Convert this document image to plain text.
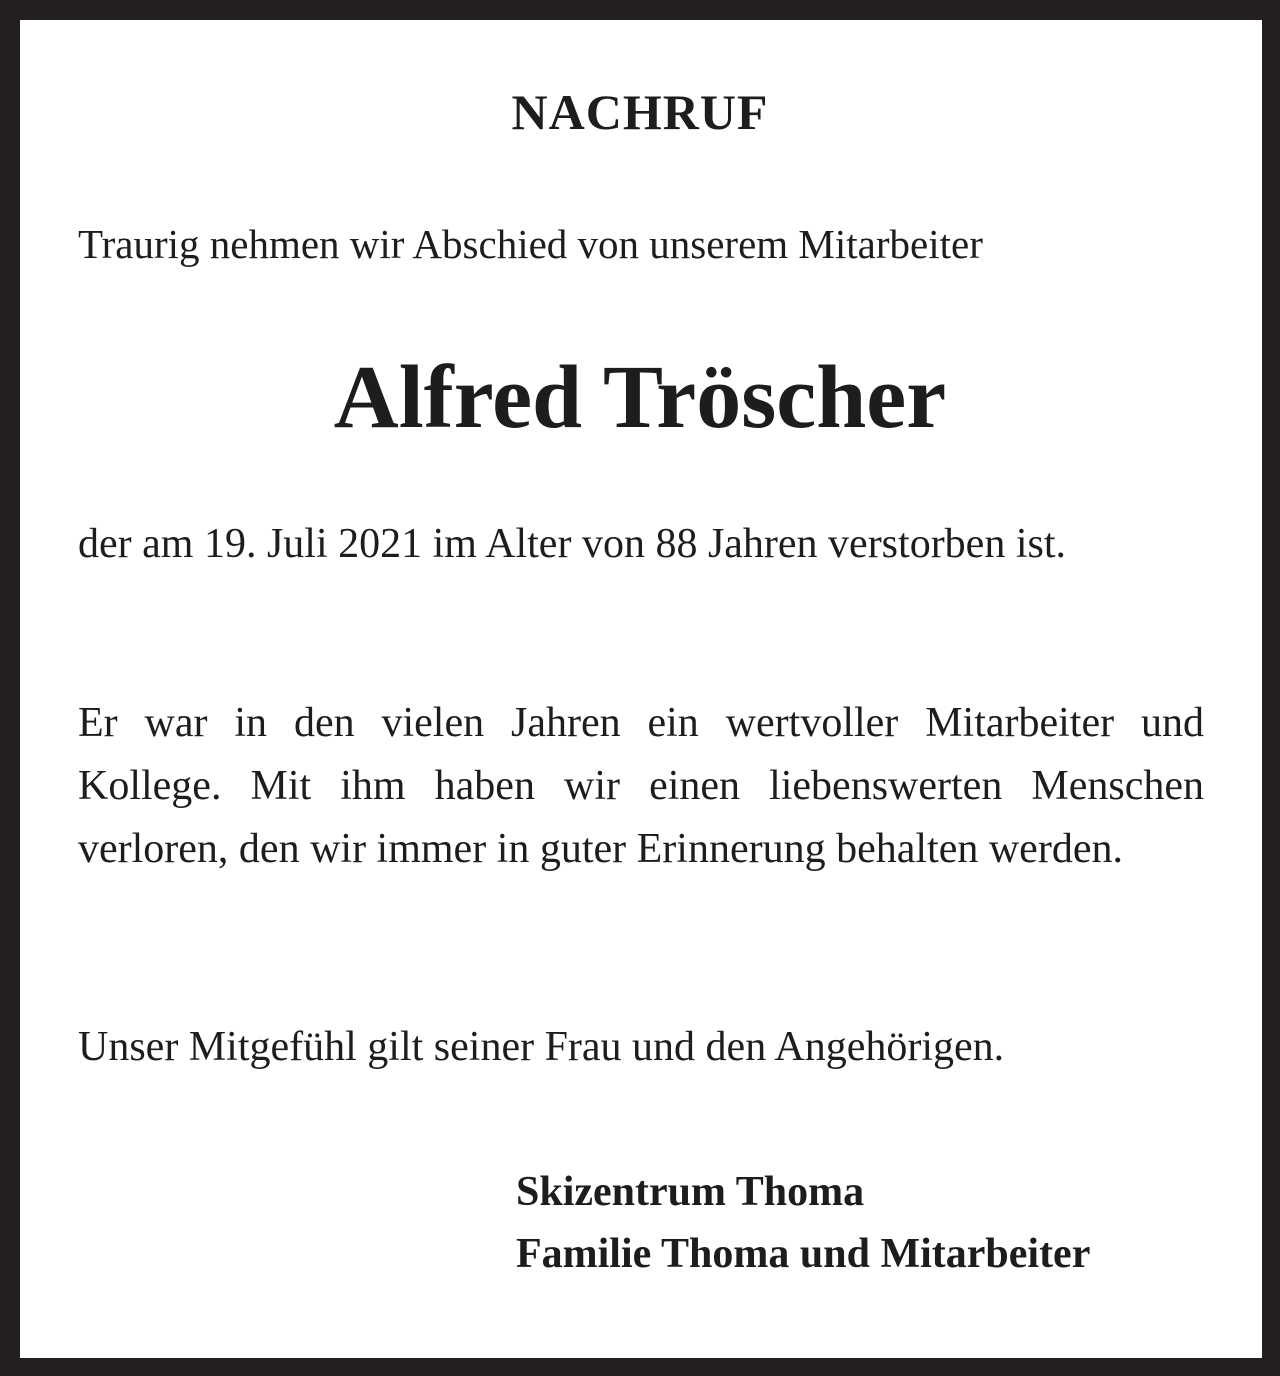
NACHRUF

Traurig nehmen wir Abschied von unserem Mitarbeiter

Alfred Tröscher

der am 19. Juli 2021 im Alter von 88 Jahren verstorben ist.

Er war in den vielen Jahren ein wertvoller Mitarbeiter und Kollege. Mit ihm haben wir einen liebenswerten Menschen verloren, den wir immer in guter Erinnerung behalten werden.

Unser Mitgefühl gilt seiner Frau und den Angehörigen.

Skizentrum Thoma

Familie Thoma und Mitarbeiter
